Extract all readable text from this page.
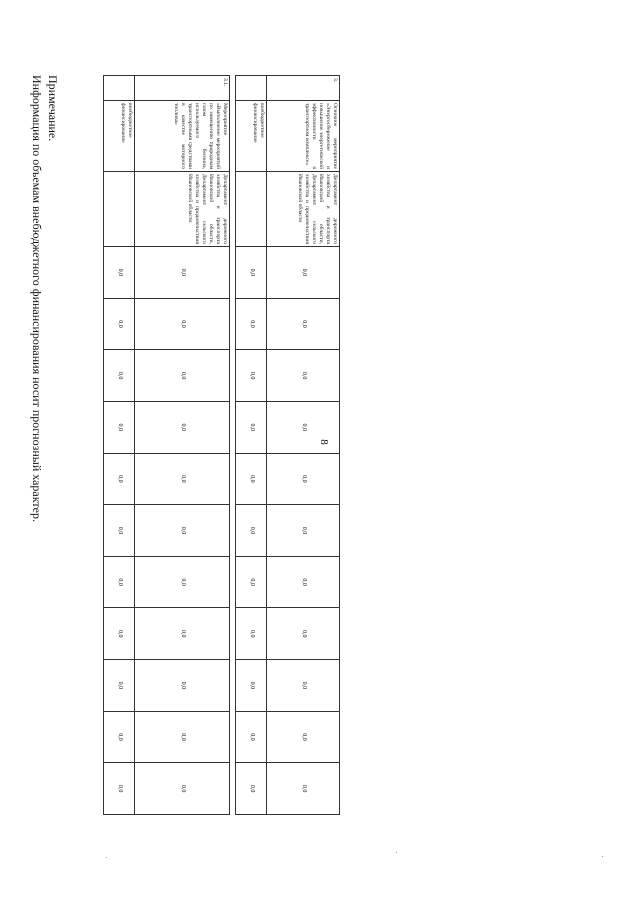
8
3.	Основное мероприятие «Энергосбережение и повышение энергетической эффективности в транспортном комплексе»	Департамент дорожного хозяйства и транспорта Ивановской области, Департамент сельского хозяйства и продовольствия Ивановской области	0,0	0,0	0,0	0,0	0,0	0,0	0,0	0,0	0,0	0,0	0,0
	внебюджетное финансирование		0,0	0,0	0,0	0,0	0,0	0,0	0,0	0,0	0,0	0,0	0,0

3.1.	Мероприятие «Выполнение мероприятий по замещению природным газом бензина, используемого транспортными средствами в качестве моторного топлива»	Департамент дорожного хозяйства и транспорта Ивановской области, Департамент сельского хозяйства и продовольствия Ивановской области	0,0	0,0	0,0	0,0	0,0	0,0	0,0	0,0	0,0	0,0	0,0
	внебюджетное финансирование		0,0	0,0	0,0	0,0	0,0	0,0	0,0	0,0	0,0	0,0	0,0
Примечание.
Информация по объемам внебюджетного финансирования носит прогнозный характер.
